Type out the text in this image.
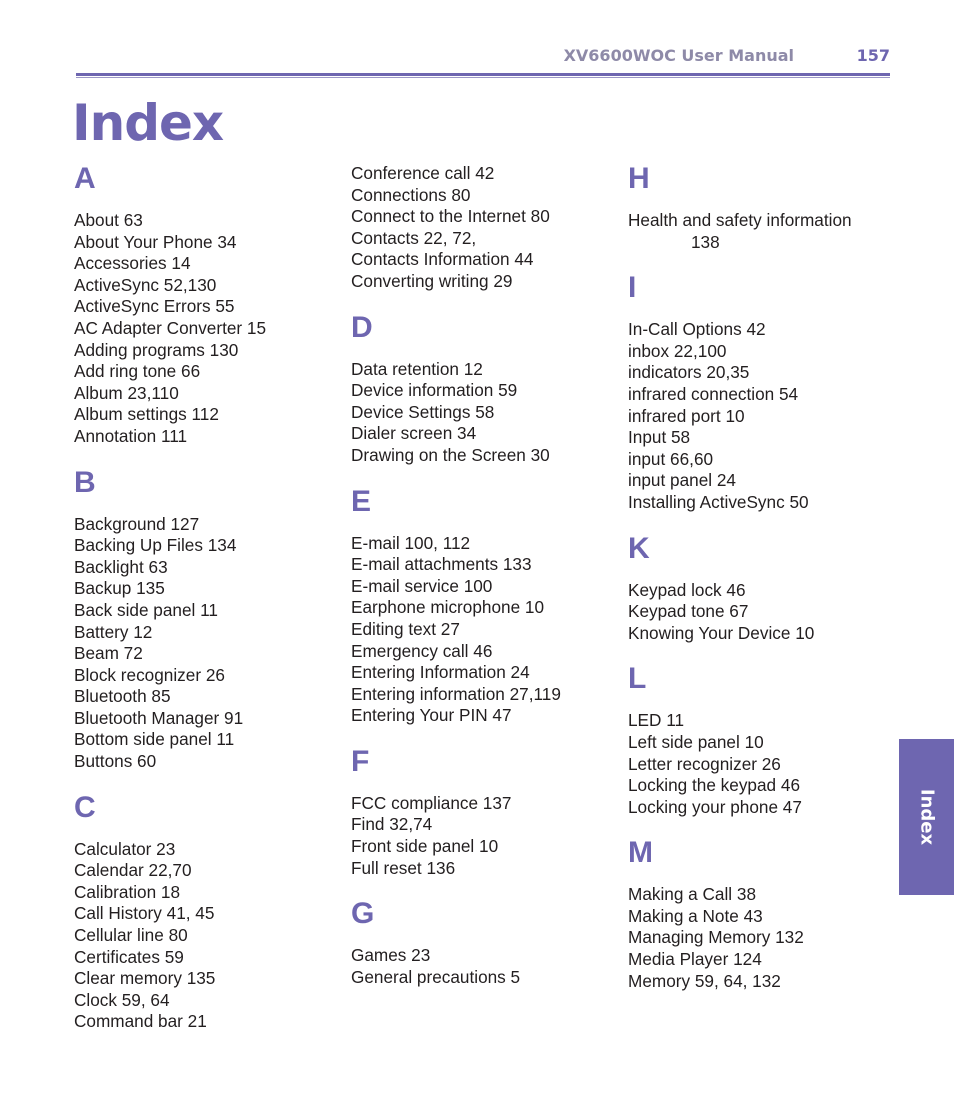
XV6600WOC User Manual	157
Index
A
About 63
About Your Phone 34
Accessories 14
ActiveSync 52,130
ActiveSync Errors 55
AC Adapter Converter 15
Adding programs 130
Add ring tone 66
Album 23,110
Album settings 112
Annotation 111
B
Background 127
Backing Up Files 134
Backlight 63
Backup 135
Back side panel 11
Battery 12
Beam 72
Block recognizer 26
Bluetooth 85
Bluetooth Manager 91
Bottom side panel 11
Buttons 60
C
Calculator 23
Calendar 22,70
Calibration 18
Call History 41, 45
Cellular line 80
Certificates 59
Clear memory 135
Clock 59, 64
Command bar 21
Conference call 42
Connections 80
Connect to the Internet 80
Contacts 22, 72,
Contacts Information 44
Converting writing 29
D
Data retention 12
Device information 59
Device Settings 58
Dialer screen 34
Drawing on the Screen 30
E
E-mail 100, 112
E-mail attachments 133
E-mail service 100
Earphone microphone 10
Editing text 27
Emergency call 46
Entering Information 24
Entering information 27,119
Entering Your PIN 47
F
FCC compliance 137
Find 32,74
Front side panel 10
Full reset 136
G
Games 23
General precautions 5
H
Health and safety information
138
I
In-Call Options 42
inbox 22,100
indicators 20,35
infrared connection 54
infrared port 10
Input 58
input 66,60
input panel 24
Installing ActiveSync 50
K
Keypad lock 46
Keypad tone 67
Knowing Your Device 10
L
LED 11
Left side panel 10
Letter recognizer 26
Locking the keypad 46
Locking your phone 47
M
Making a Call 38
Making a Note 43
Managing Memory 132
Media Player 124
Memory 59, 64, 132
Index
